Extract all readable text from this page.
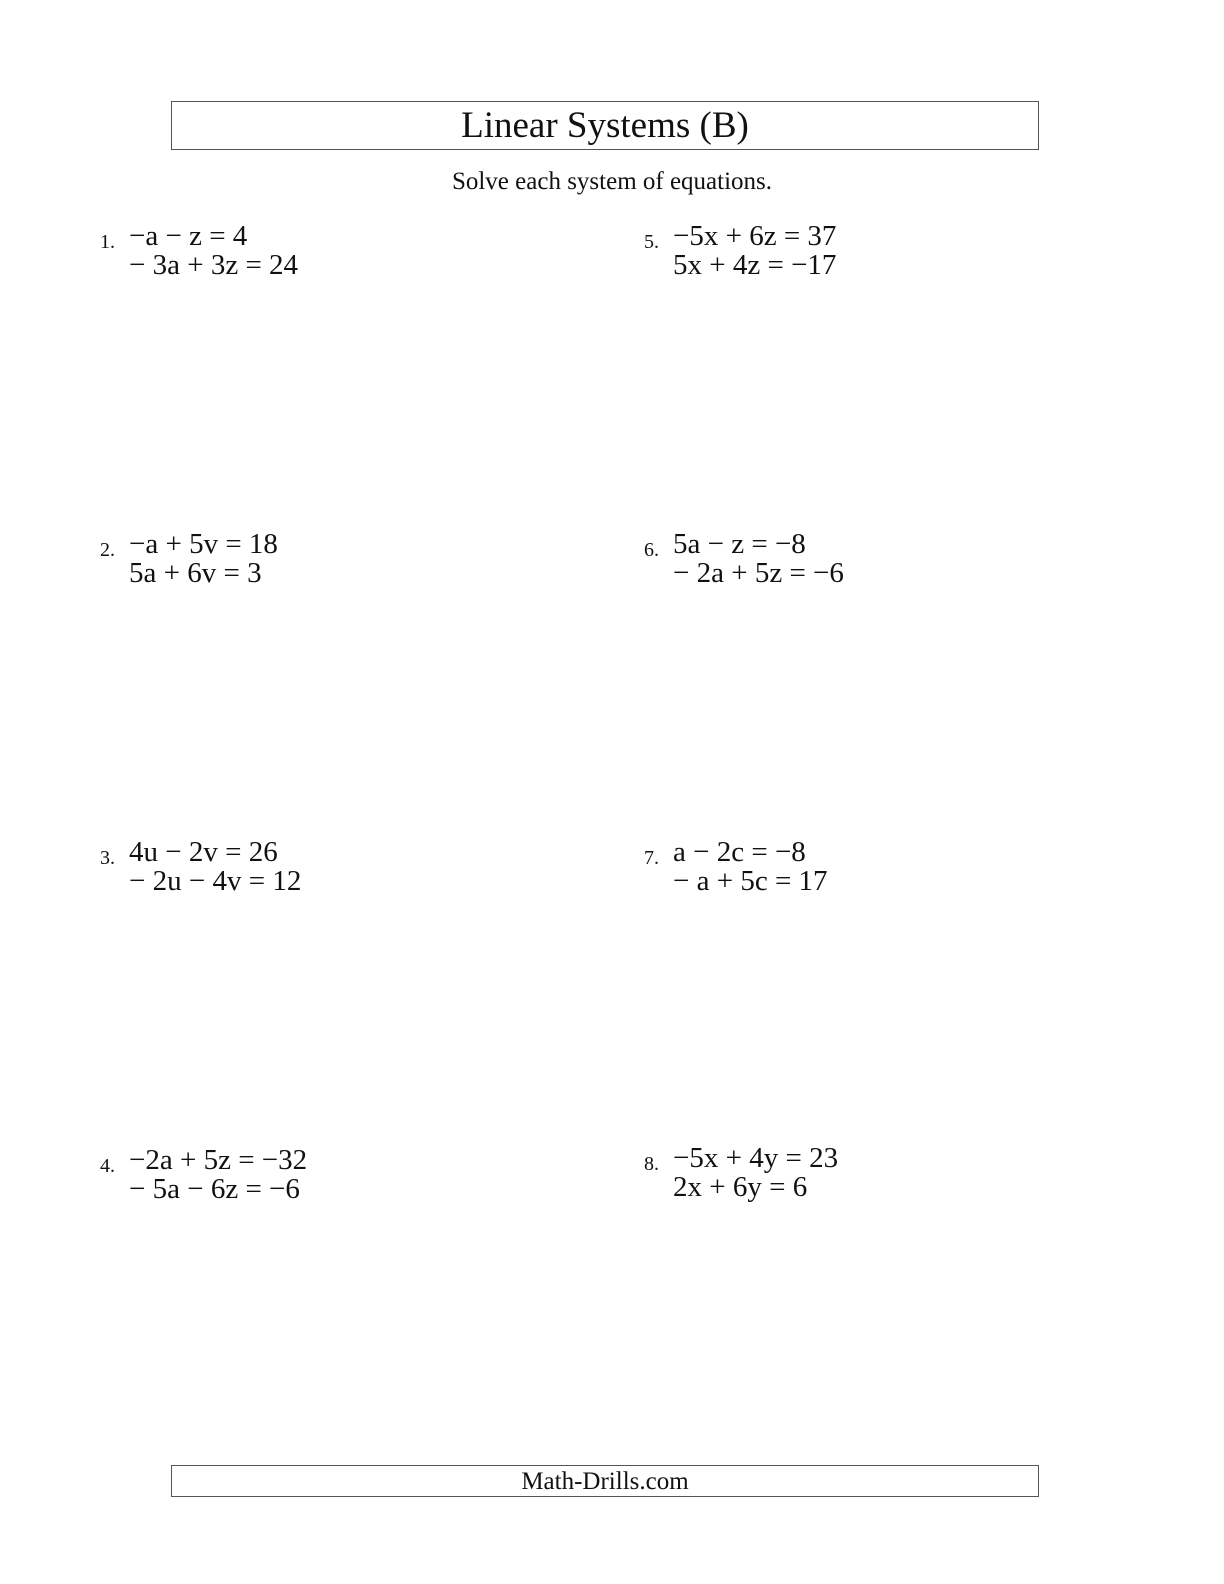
Linear Systems (B)
Solve each system of equations.
1. −a − z = 4
− 3a + 3z = 24
2. −a + 5v = 18
5a + 6v = 3
3. 4u − 2v = 26
− 2u − 4v = 12
4. −2a + 5z = −32
− 5a − 6z = −6
5. −5x + 6z = 37
5x + 4z = −17
6. 5a − z = −8
− 2a + 5z = −6
7. a − 2c = −8
− a + 5c = 17
8. −5x + 4y = 23
2x + 6y = 6
Math-Drills.com
